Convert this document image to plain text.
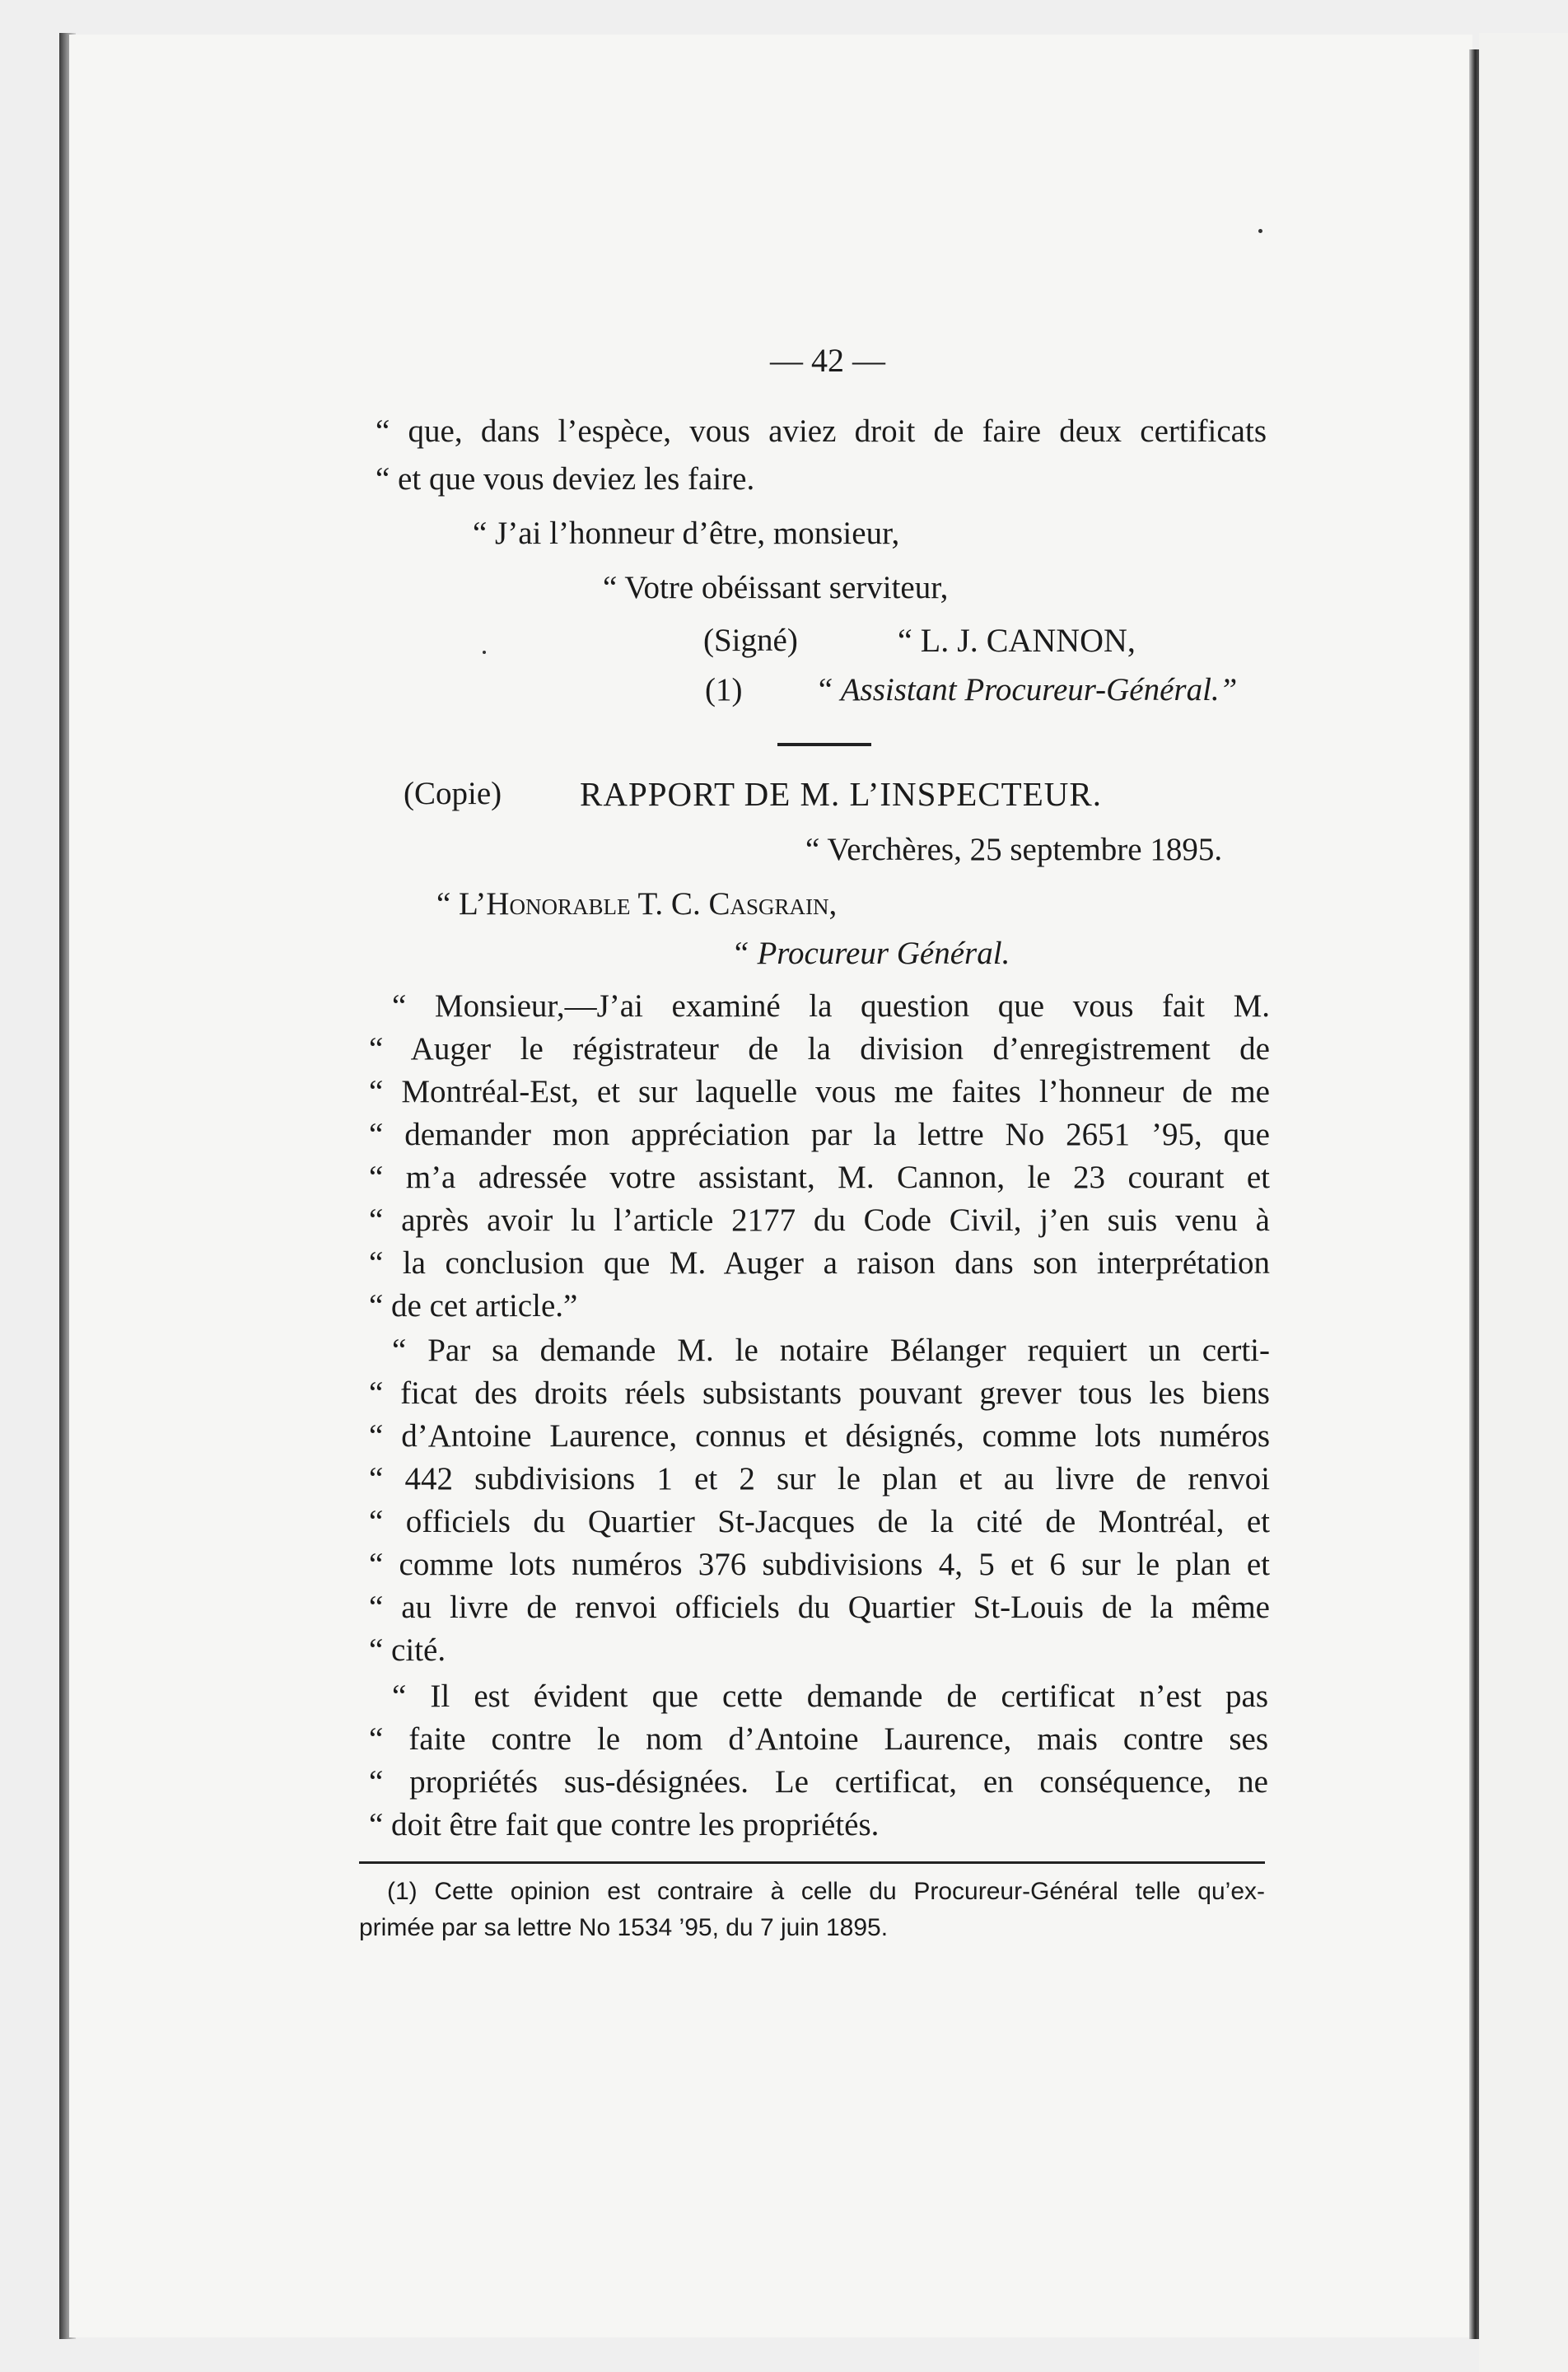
— 42 —
“ que, dans l’espèce, vous aviez droit de faire deux certificats
“ et que vous deviez les faire.
“ J’ai l’honneur d’être, monsieur,
“ Votre obéissant serviteur,
(Signé)	“ L. J. CANNON,
(1) “ Assistant Procureur-Général.”
(Copie) RAPPORT DE M. L’INSPECTEUR.
“ Verchères, 25 septembre 1895.
“ L’Honorable T. C. Casgrain,
“ Procureur Général.
“ Monsieur,—J’ai examiné la question que vous fait M.
“ Auger le régistrateur de la division d’enregistrement de
“ Montréal-Est, et sur laquelle vous me faites l’honneur de me
“ demander mon appréciation par la lettre No 2651 ’95, que
“ m’a adressée votre assistant, M. Cannon, le 23 courant et
“ après avoir lu l’article 2177 du Code Civil, j’en suis venu à
“ la conclusion que M. Auger a raison dans son interprétation
“ de cet article.”
“ Par sa demande M. le notaire Bélanger requiert un certi-
“ ficat des droits réels subsistants pouvant grever tous les biens
“ d’Antoine Laurence, connus et désignés, comme lots numéros
“ 442 subdivisions 1 et 2 sur le plan et au livre de renvoi
“ officiels du Quartier St-Jacques de la cité de Montréal, et
“ comme lots numéros 376 subdivisions 4, 5 et 6 sur le plan et
“ au livre de renvoi officiels du Quartier St-Louis de la même
“ cité.
“ Il est évident que cette demande de certificat n’est pas
“ faite contre le nom d’Antoine Laurence, mais contre ses
“ propriétés sus-désignées. Le certificat, en conséquence, ne
“ doit être fait que contre les propriétés.
(1) Cette opinion est contraire à celle du Procureur-Général telle qu’ex-
primée par sa lettre No 1534 ’95, du 7 juin 1895.
